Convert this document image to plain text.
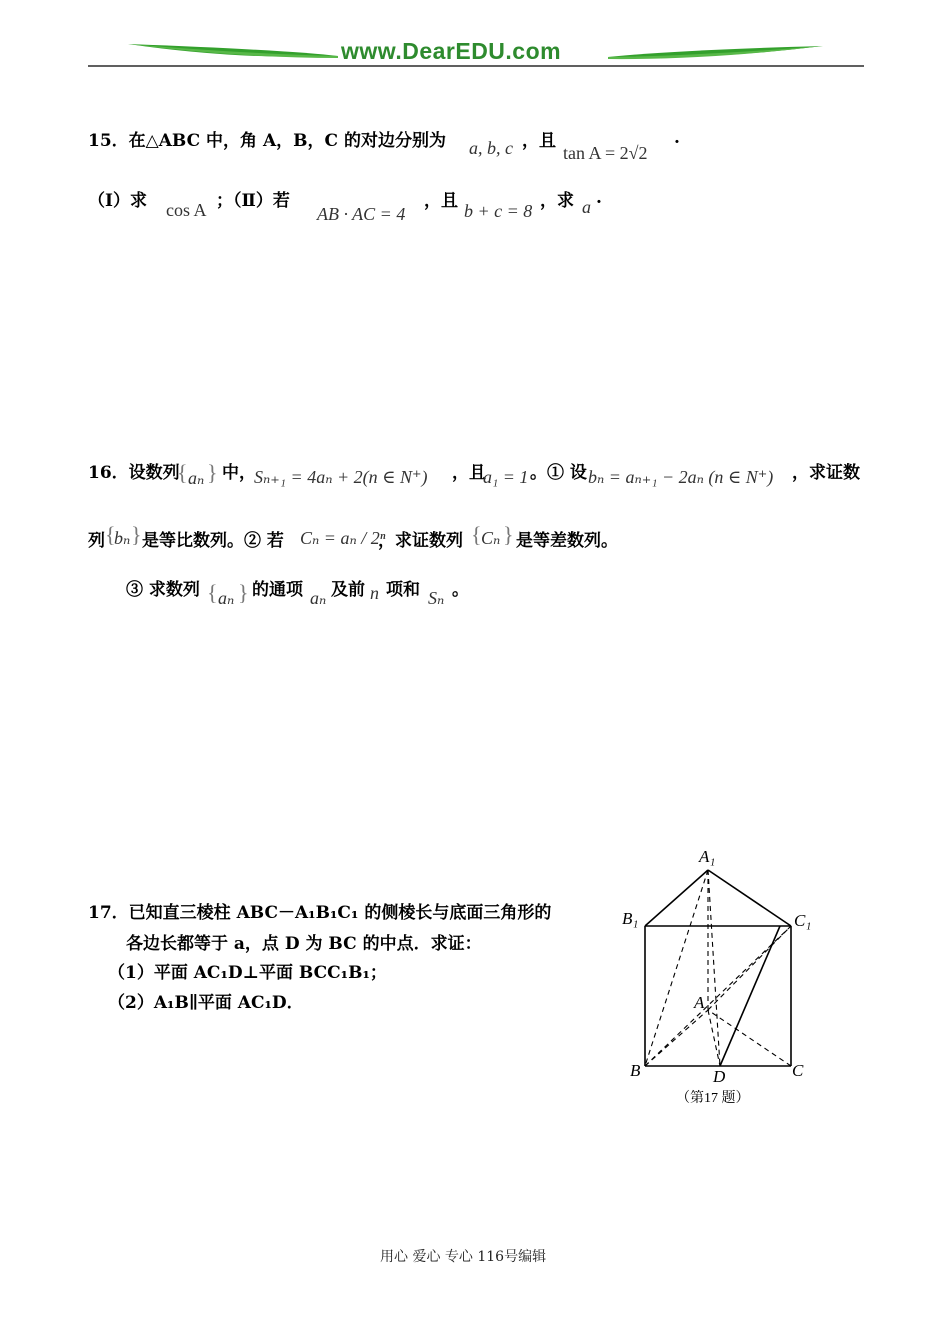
www.DearEDU.com
15．在△ABC 中，角 A，B，C 的对边分别为 a, b, c ，且
tan A = 2√2
.
（Ⅰ）求 cos A ；（Ⅱ）若
AB · AC = 4
，且 b + c = 8 ，求 a .
16．设数列
{ aₙ } 中，
Sₙ₊₁ = 4aₙ + 2(n ∈ N⁺) ，且
a₁ = 1 。① 设 bₙ = aₙ₊₁ − 2aₙ (n ∈ N⁺) ，求证数
列 {
bₙ } 是等比数列。② 若 Cₙ = aₙ / 2ⁿ
，求证数列 { Cₙ } 是等差数列。
③ 求数列 { aₙ } 的通项 aₙ 及前 n 项和 Sₙ 。
17．已知直三棱柱 ABC－A₁B₁C₁ 的侧棱长与底面三角形的
各边长都等于 a，点 D 为 BC 的中点．求证：
（1）平面 AC₁D⊥平面 BCC₁B₁；
（2）A₁B∥平面 AC₁D．
A₁
B₁	C₁
A
B	C
D
（第17 题）
用心 爱心 专心 116号编辑
